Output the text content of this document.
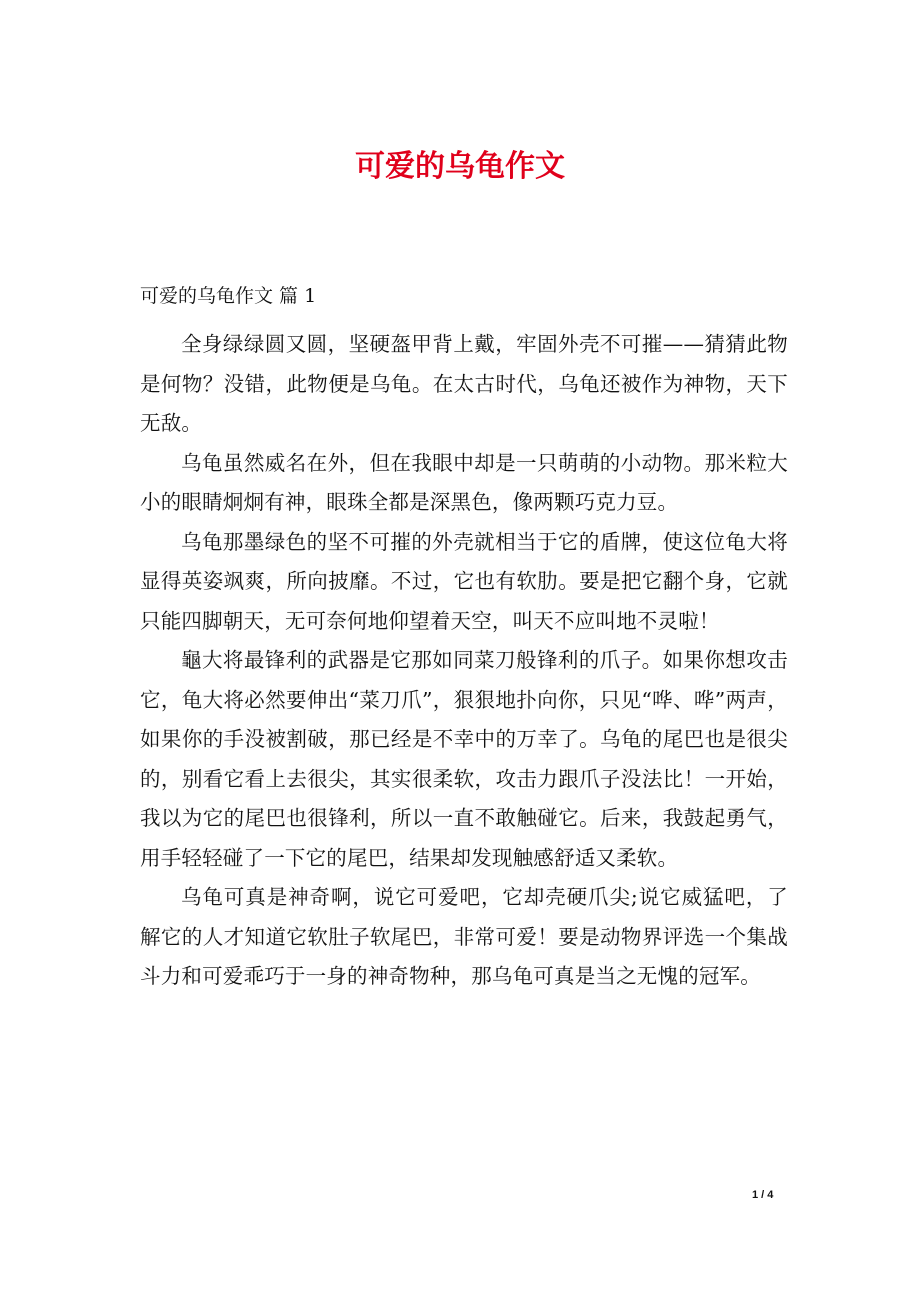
可爱的乌龟作文
可爱的乌龟作文 篇 1

全身绿绿圆又圆，坚硬盔甲背上戴，牢固外壳不可摧——猜猜此物是何物？没错，此物便是乌龟。在太古时代，乌龟还被作为神物，天下无敌。

乌龟虽然威名在外，但在我眼中却是一只萌萌的小动物。那米粒大小的眼睛炯炯有神，眼珠全都是深黑色，像两颗巧克力豆。

乌龟那墨绿色的坚不可摧的外壳就相当于它的盾牌，使这位龟大将显得英姿飒爽，所向披靡。不过，它也有软肋。要是把它翻个身，它就只能四脚朝天，无可奈何地仰望着天空，叫天不应叫地不灵啦！

龜大将最锋利的武器是它那如同菜刀般锋利的爪子。如果你想攻击它，龟大将必然要伸出“菜刀爪”，狠狠地扑向你，只见“哗、哗”两声，如果你的手没被割破，那已经是不幸中的万幸了。乌龟的尾巴也是很尖的，别看它看上去很尖，其实很柔软，攻击力跟爪子没法比！一开始，我以为它的尾巴也很锋利，所以一直不敢触碰它。后来，我鼓起勇气，用手轻轻碰了一下它的尾巴，结果却发现触感舒适又柔软。

乌龟可真是神奇啊，说它可爱吧，它却壳硬爪尖;说它威猛吧，了解它的人才知道它软肚子软尾巴，非常可爱！要是动物界评选一个集战斗力和可爱乖巧于一身的神奇物种，那乌龟可真是当之无愧的冠军。

1 / 4
